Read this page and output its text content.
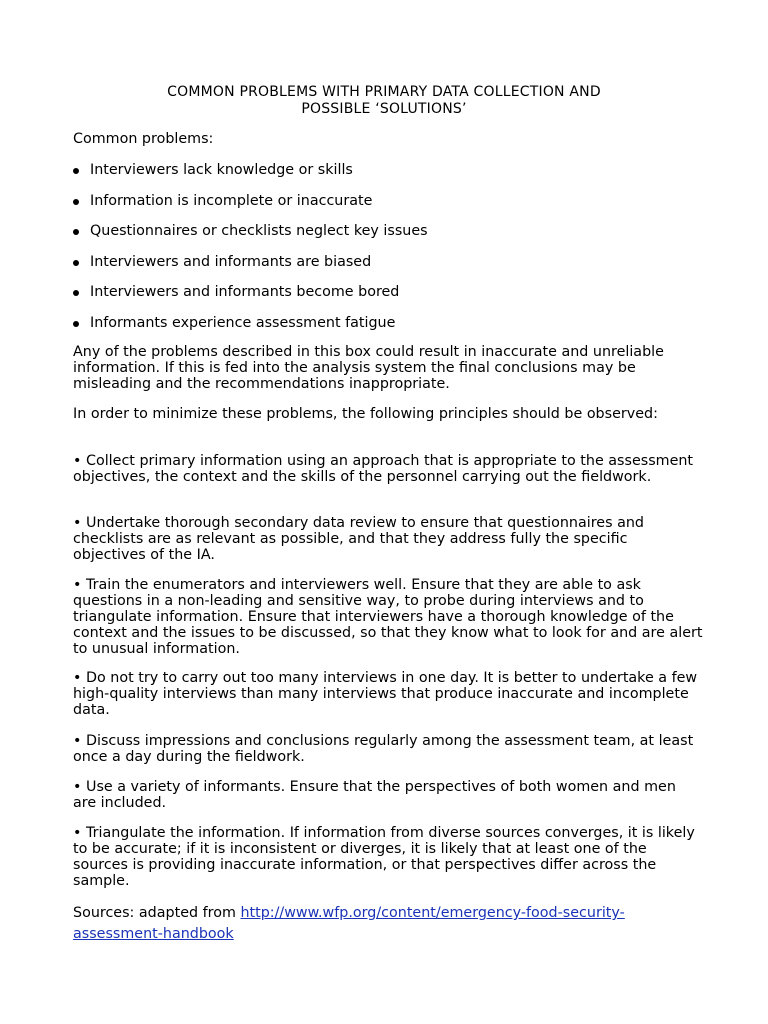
COMMON PROBLEMS WITH PRIMARY DATA COLLECTION AND
POSSIBLE ‘SOLUTIONS’

Common problems:

Interviewers lack knowledge or skills
Information is incomplete or inaccurate
Questionnaires or checklists neglect key issues
Interviewers and informants are biased
Interviewers and informants become bored
Informants experience assessment fatigue

Any of the problems described in this box could result in inaccurate and unreliable information. If this is fed into the analysis system the final conclusions may be misleading and the recommendations inappropriate.

In order to minimize these problems, the following principles should be observed:

• Collect primary information using an approach that is appropriate to the assessment objectives, the context and the skills of the personnel carrying out the fieldwork.

• Undertake thorough secondary data review to ensure that questionnaires and checklists are as relevant as possible, and that they address fully the specific objectives of the IA.

• Train the enumerators and interviewers well. Ensure that they are able to ask questions in a non-leading and sensitive way, to probe during interviews and to triangulate information. Ensure that interviewers have a thorough knowledge of the context and the issues to be discussed, so that they know what to look for and are alert to unusual information.

• Do not try to carry out too many interviews in one day. It is better to undertake a few high-quality interviews than many interviews that produce inaccurate and incomplete data.

• Discuss impressions and conclusions regularly among the assessment team, at least once a day during the fieldwork.

• Use a variety of informants. Ensure that the perspectives of both women and men are included.

• Triangulate the information. If information from diverse sources converges, it is likely to be accurate; if it is inconsistent or diverges, it is likely that at least one of the sources is providing inaccurate information, or that perspectives differ across the sample.

Sources: adapted from http://www.wfp.org/content/emergency-food-security-assessment-handbook
